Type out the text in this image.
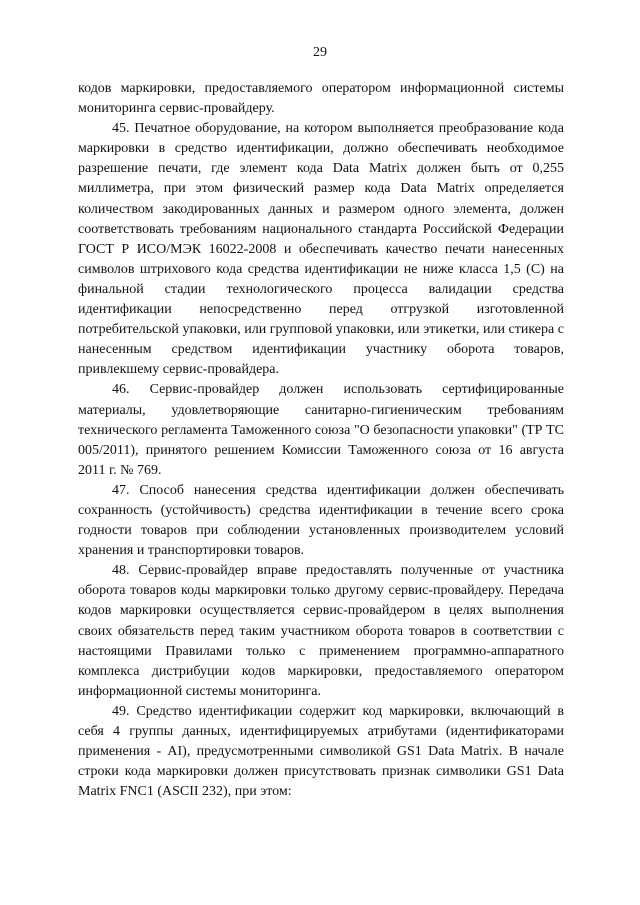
29

кодов маркировки, предоставляемого оператором информационной системы мониторинга сервис-провайдеру.

45. Печатное оборудование, на котором выполняется преобразование кода маркировки в средство идентификации, должно обеспечивать необходимое разрешение печати, где элемент кода Data Matrix должен быть от 0,255 миллиметра, при этом физический размер кода Data Matrix определяется количеством закодированных данных и размером одного элемента, должен соответствовать требованиям национального стандарта Российской Федерации ГОСТ Р ИСО/МЭК 16022-2008 и обеспечивать качество печати нанесенных символов штрихового кода средства идентификации не ниже класса 1,5 (C) на финальной стадии технологического процесса валидации средства идентификации непосредственно перед отгрузкой изготовленной потребительской упаковки, или групповой упаковки, или этикетки, или стикера с нанесенным средством идентификации участнику оборота товаров, привлекшему сервис-провайдера.

46. Сервис-провайдер должен использовать сертифицированные материалы, удовлетворяющие санитарно-гигиеническим требованиям технического регламента Таможенного союза "О безопасности упаковки" (ТР ТС 005/2011), принятого решением Комиссии Таможенного союза от 16 августа 2011 г. № 769.

47. Способ нанесения средства идентификации должен обеспечивать сохранность (устойчивость) средства идентификации в течение всего срока годности товаров при соблюдении установленных производителем условий хранения и транспортировки товаров.

48. Сервис-провайдер вправе предоставлять полученные от участника оборота товаров коды маркировки только другому сервис-провайдеру. Передача кодов маркировки осуществляется сервис-провайдером в целях выполнения своих обязательств перед таким участником оборота товаров в соответствии с настоящими Правилами только с применением программно-аппаратного комплекса дистрибуции кодов маркировки, предоставляемого оператором информационной системы мониторинга.

49. Средство идентификации содержит код маркировки, включающий в себя 4 группы данных, идентифицируемых атрибутами (идентификаторами применения - AI), предусмотренными символикой GS1 Data Matrix. В начале строки кода маркировки должен присутствовать признак символики GS1 Data Matrix FNC1 (ASCII 232), при этом:
